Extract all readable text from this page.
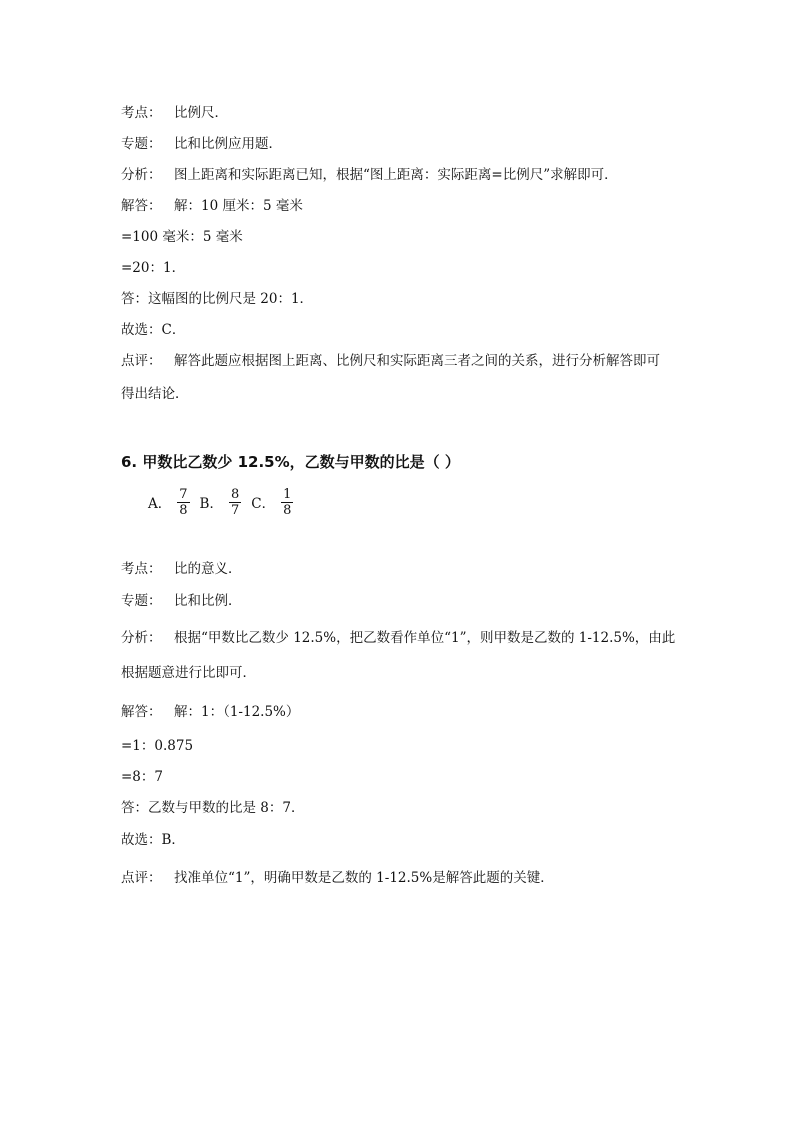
考点： 比例尺．
专题： 比和比例应用题．
分析： 图上距离和实际距离已知，根据“图上距离：实际距离=比例尺”求解即可．
解答： 解：10 厘米：5 毫米
=100 毫米：5 毫米
=20：1．
答：这幅图的比例尺是 20：1．
故选：C．
点评： 解答此题应根据图上距离、比例尺和实际距离三者之间的关系，进行分析解答即可
得出结论．
6. 甲数比乙数少 12.5%，乙数与甲数的比是（ ）
A． $\frac{7}{8}$ B． $\frac{8}{7}$ C． $\frac{1}{8}$
考点： 比的意义．
专题： 比和比例．
分析： 根据“甲数比乙数少 12.5%，把乙数看作单位“1”，则甲数是乙数的 1-12.5%，由此
根据题意进行比即可．
解答： 解：1：（1-12.5%）
=1：0.875
=8：7
答：乙数与甲数的比是 8：7．
故选：B．
点评： 找准单位“1”，明确甲数是乙数的 1-12.5%是解答此题的关键．
